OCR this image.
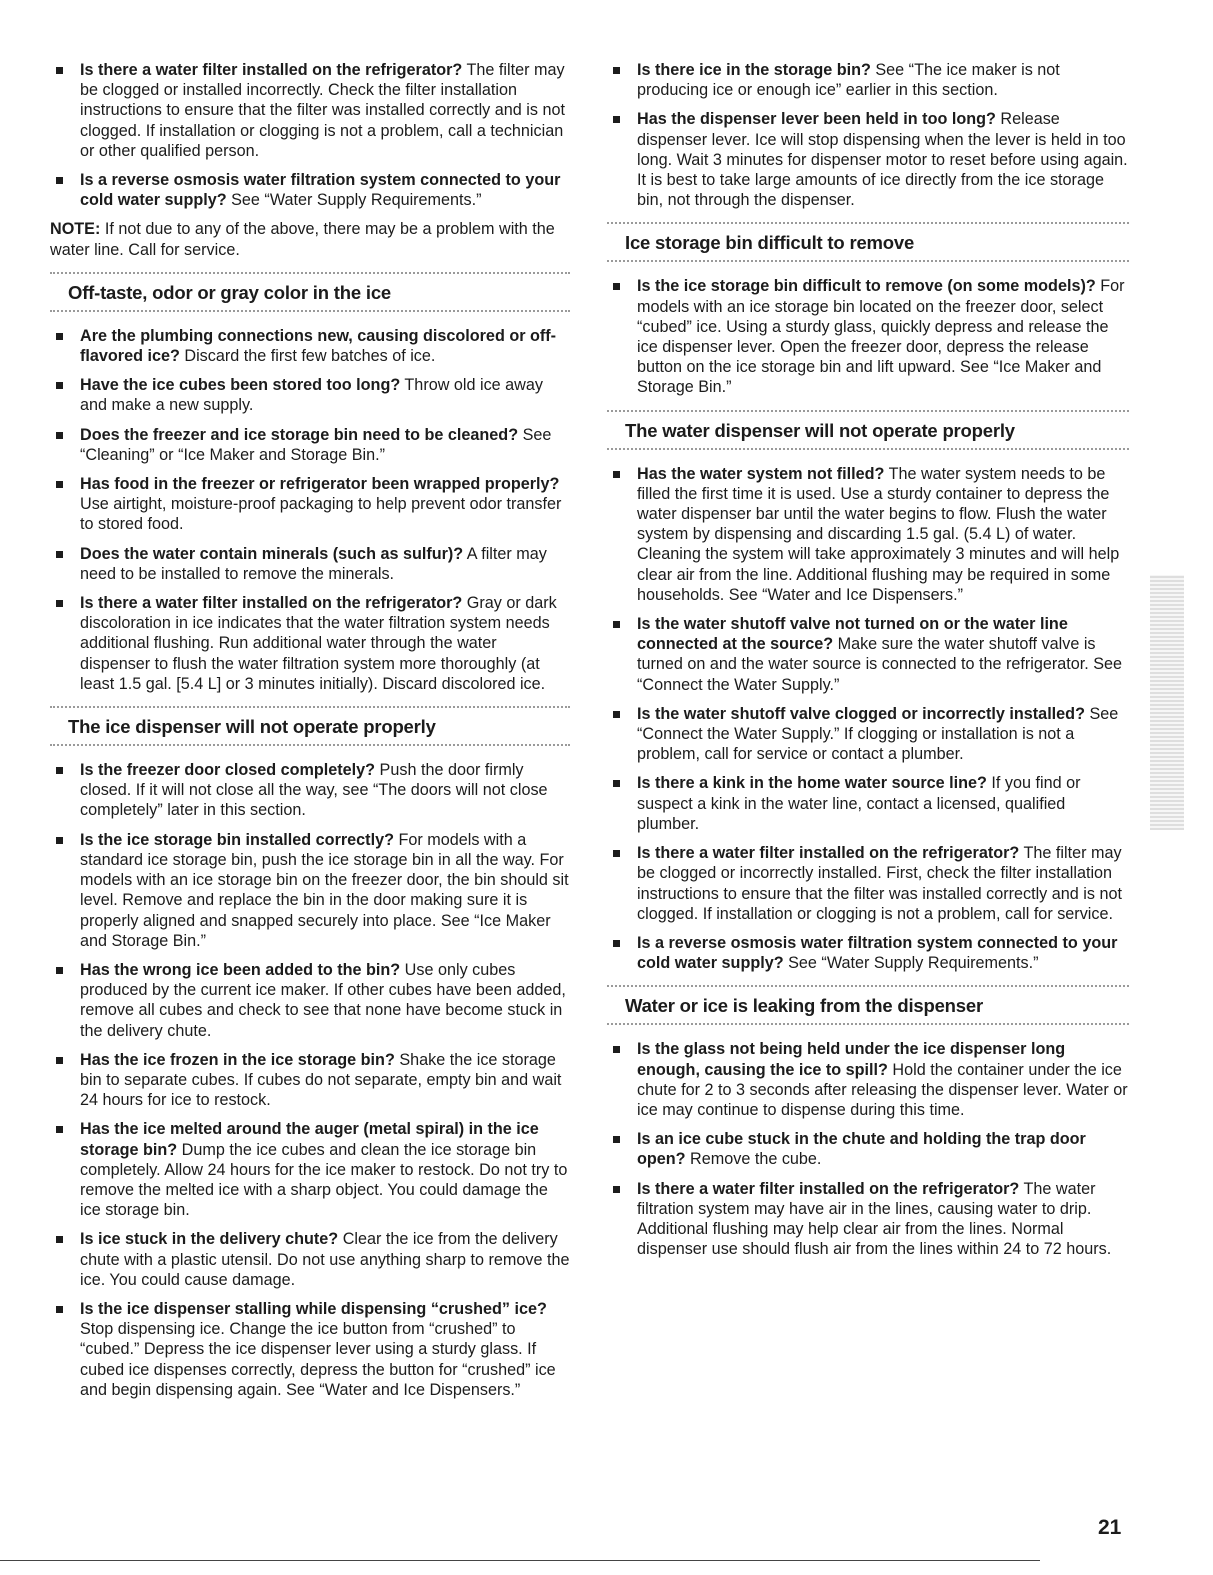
Is there a water filter installed on the refrigerator? The filter may be clogged or installed incorrectly. Check the filter installation instructions to ensure that the filter was installed correctly and is not clogged. If installation or clogging is not a problem, call a technician or other qualified person.
Is a reverse osmosis water filtration system connected to your cold water supply? See “Water Supply Requirements.”
NOTE: If not due to any of the above, there may be a problem with the water line. Call for service.
Off-taste, odor or gray color in the ice
Are the plumbing connections new, causing discolored or off-flavored ice? Discard the first few batches of ice.
Have the ice cubes been stored too long? Throw old ice away and make a new supply.
Does the freezer and ice storage bin need to be cleaned? See “Cleaning” or “Ice Maker and Storage Bin.”
Has food in the freezer or refrigerator been wrapped properly? Use airtight, moisture-proof packaging to help prevent odor transfer to stored food.
Does the water contain minerals (such as sulfur)? A filter may need to be installed to remove the minerals.
Is there a water filter installed on the refrigerator? Gray or dark discoloration in ice indicates that the water filtration system needs additional flushing. Run additional water through the water dispenser to flush the water filtration system more thoroughly (at least 1.5 gal. [5.4 L] or 3 minutes initially). Discard discolored ice.
The ice dispenser will not operate properly
Is the freezer door closed completely? Push the door firmly closed. If it will not close all the way, see “The doors will not close completely” later in this section.
Is the ice storage bin installed correctly? For models with a standard ice storage bin, push the ice storage bin in all the way. For models with an ice storage bin on the freezer door, the bin should sit level. Remove and replace the bin in the door making sure it is properly aligned and snapped securely into place. See “Ice Maker and Storage Bin.”
Has the wrong ice been added to the bin? Use only cubes produced by the current ice maker. If other cubes have been added, remove all cubes and check to see that none have become stuck in the delivery chute.
Has the ice frozen in the ice storage bin? Shake the ice storage bin to separate cubes. If cubes do not separate, empty bin and wait 24 hours for ice to restock.
Has the ice melted around the auger (metal spiral) in the ice storage bin? Dump the ice cubes and clean the ice storage bin completely. Allow 24 hours for the ice maker to restock. Do not try to remove the melted ice with a sharp object. You could damage the ice storage bin.
Is ice stuck in the delivery chute? Clear the ice from the delivery chute with a plastic utensil. Do not use anything sharp to remove the ice. You could cause damage.
Is the ice dispenser stalling while dispensing “crushed” ice? Stop dispensing ice. Change the ice button from “crushed” to “cubed.” Depress the ice dispenser lever using a sturdy glass. If cubed ice dispenses correctly, depress the button for “crushed” ice and begin dispensing again. See “Water and Ice Dispensers.”
Is there ice in the storage bin? See “The ice maker is not producing ice or enough ice” earlier in this section.
Has the dispenser lever been held in too long? Release dispenser lever. Ice will stop dispensing when the lever is held in too long. Wait 3 minutes for dispenser motor to reset before using again. It is best to take large amounts of ice directly from the ice storage bin, not through the dispenser.
Ice storage bin difficult to remove
Is the ice storage bin difficult to remove (on some models)? For models with an ice storage bin located on the freezer door, select “cubed” ice. Using a sturdy glass, quickly depress and release the ice dispenser lever. Open the freezer door, depress the release button on the ice storage bin and lift upward. See “Ice Maker and Storage Bin.”
The water dispenser will not operate properly
Has the water system not filled? The water system needs to be filled the first time it is used. Use a sturdy container to depress the water dispenser bar until the water begins to flow. Flush the water system by dispensing and discarding 1.5 gal. (5.4 L) of water. Cleaning the system will take approximately 3 minutes and will help clear air from the line. Additional flushing may be required in some households. See “Water and Ice Dispensers.”
Is the water shutoff valve not turned on or the water line connected at the source? Make sure the water shutoff valve is turned on and the water source is connected to the refrigerator. See “Connect the Water Supply.”
Is the water shutoff valve clogged or incorrectly installed? See “Connect the Water Supply.” If clogging or installation is not a problem, call for service or contact a plumber.
Is there a kink in the home water source line? If you find or suspect a kink in the water line, contact a licensed, qualified plumber.
Is there a water filter installed on the refrigerator? The filter may be clogged or incorrectly installed. First, check the filter installation instructions to ensure that the filter was installed correctly and is not clogged. If installation or clogging is not a problem, call for service.
Is a reverse osmosis water filtration system connected to your cold water supply? See “Water Supply Requirements.”
Water or ice is leaking from the dispenser
Is the glass not being held under the ice dispenser long enough, causing the ice to spill? Hold the container under the ice chute for 2 to 3 seconds after releasing the dispenser lever. Water or ice may continue to dispense during this time.
Is an ice cube stuck in the chute and holding the trap door open? Remove the cube.
Is there a water filter installed on the refrigerator? The water filtration system may have air in the lines, causing water to drip. Additional flushing may help clear air from the lines. Normal dispenser use should flush air from the lines within 24 to 72 hours.
21
